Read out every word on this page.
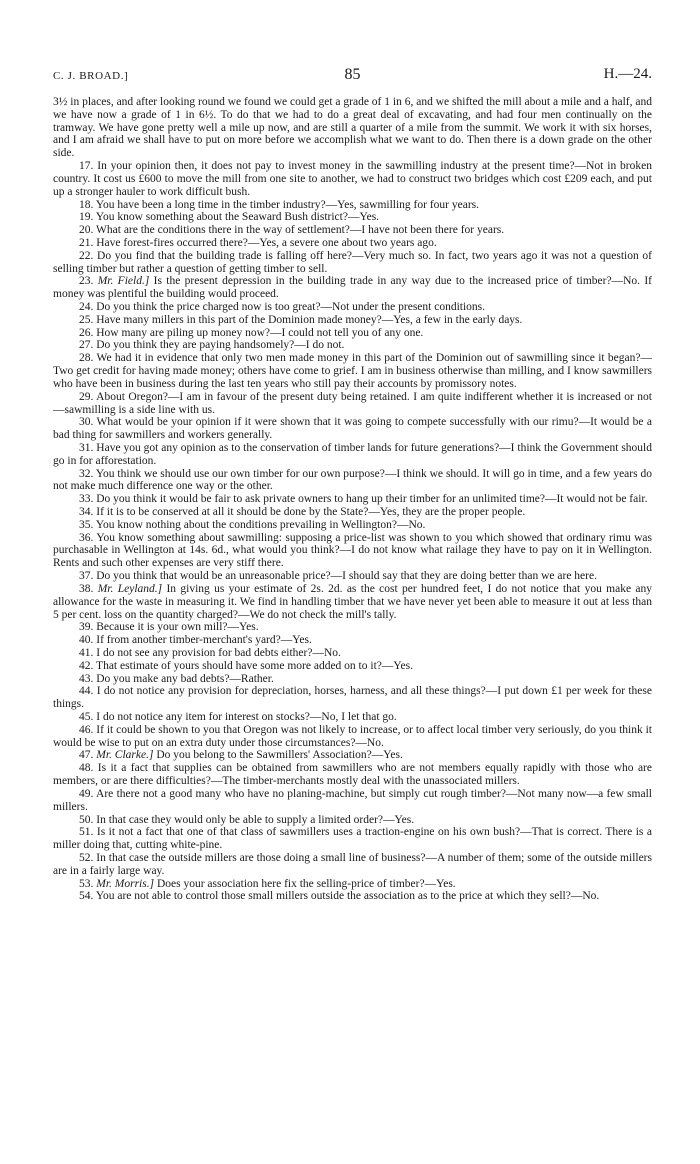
C. J. BROAD.]	85	H.—24.

3½ in places, and after looking round we found we could get a grade of 1 in 6, and we shifted the mill about a mile and a half, and we have now a grade of 1 in 6½. To do that we had to do a great deal of excavating, and had four men continually on the tramway. We have gone pretty well a mile up now, and are still a quarter of a mile from the summit. We work it with six horses, and I am afraid we shall have to put on more before we accomplish what we want to do. Then there is a down grade on the other side.

17. In your opinion then, it does not pay to invest money in the sawmilling industry at the present time?—Not in broken country. It cost us £600 to move the mill from one site to another, we had to construct two bridges which cost £209 each, and put up a stronger hauler to work difficult bush.

18. You have been a long time in the timber industry?—Yes, sawmilling for four years.

19. You know something about the Seaward Bush district?—Yes.

20. What are the conditions there in the way of settlement?—I have not been there for years.

21. Have forest-fires occurred there?—Yes, a severe one about two years ago.

22. Do you find that the building trade is falling off here?—Very much so. In fact, two years ago it was not a question of selling timber but rather a question of getting timber to sell.

23. Mr. Field.] Is the present depression in the building trade in any way due to the increased price of timber?—No. If money was plentiful the building would proceed.

24. Do you think the price charged now is too great?—Not under the present conditions.

25. Have many millers in this part of the Dominion made money?—Yes, a few in the early days.

26. How many are piling up money now?—I could not tell you of any one.

27. Do you think they are paying handsomely?—I do not.

28. We had it in evidence that only two men made money in this part of the Dominion out of sawmilling since it began?—Two get credit for having made money; others have come to grief. I am in business otherwise than milling, and I know sawmillers who have been in business during the last ten years who still pay their accounts by promissory notes.

29. About Oregon?—I am in favour of the present duty being retained. I am quite indifferent whether it is increased or not—sawmilling is a side line with us.

30. What would be your opinion if it were shown that it was going to compete successfully with our rimu?—It would be a bad thing for sawmillers and workers generally.

31. Have you got any opinion as to the conservation of timber lands for future generations?—I think the Government should go in for afforestation.

32. You think we should use our own timber for our own purpose?—I think we should. It will go in time, and a few years do not make much difference one way or the other.

33. Do you think it would be fair to ask private owners to hang up their timber for an unlimited time?—It would not be fair.

34. If it is to be conserved at all it should be done by the State?—Yes, they are the proper people.

35. You know nothing about the conditions prevailing in Wellington?—No.

36. You know something about sawmilling: supposing a price-list was shown to you which showed that ordinary rimu was purchasable in Wellington at 14s. 6d., what would you think?—I do not know what railage they have to pay on it in Wellington. Rents and such other expenses are very stiff there.

37. Do you think that would be an unreasonable price?—I should say that they are doing better than we are here.

38. Mr. Leyland.] In giving us your estimate of 2s. 2d. as the cost per hundred feet, I do not notice that you make any allowance for the waste in measuring it. We find in handling timber that we have never yet been able to measure it out at less than 5 per cent. loss on the quantity charged?—We do not check the mill's tally.

39. Because it is your own mill?—Yes.

40. If from another timber-merchant's yard?—Yes.

41. I do not see any provision for bad debts either?—No.

42. That estimate of yours should have some more added on to it?—Yes.

43. Do you make any bad debts?—Rather.

44. I do not notice any provision for depreciation, horses, harness, and all these things?—I put down £1 per week for these things.

45. I do not notice any item for interest on stocks?—No, I let that go.

46. If it could be shown to you that Oregon was not likely to increase, or to affect local timber very seriously, do you think it would be wise to put on an extra duty under those circumstances?—No.

47. Mr. Clarke.] Do you belong to the Sawmillers' Association?—Yes.

48. Is it a fact that supplies can be obtained from sawmillers who are not members equally rapidly with those who are members, or are there difficulties?—The timber-merchants mostly deal with the unassociated millers.

49. Are there not a good many who have no planing-machine, but simply cut rough timber?—Not many now—a few small millers.

50. In that case they would only be able to supply a limited order?—Yes.

51. Is it not a fact that one of that class of sawmillers uses a traction-engine on his own bush?—That is correct. There is a miller doing that, cutting white-pine.

52. In that case the outside millers are those doing a small line of business?—A number of them; some of the outside millers are in a fairly large way.

53. Mr. Morris.] Does your association here fix the selling-price of timber?—Yes.

54. You are not able to control those small millers outside the association as to the price at which they sell?—No.
